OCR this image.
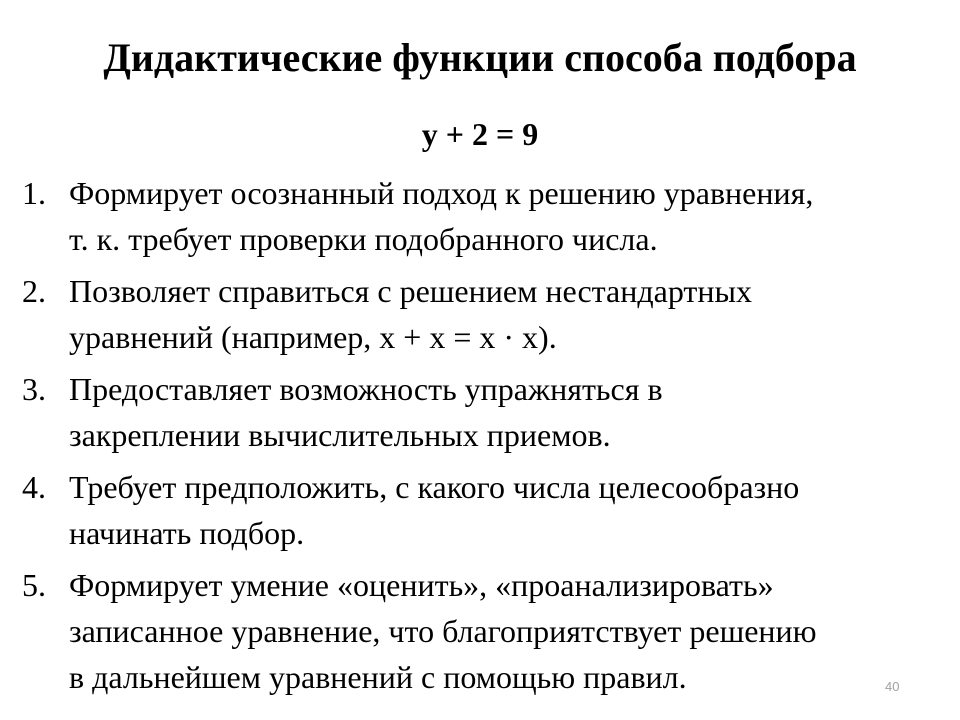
Дидактические функции способа подбора
y + 2 = 9
1. Формирует осознанный подход к решению уравнения,
т. к. требует проверки подобранного числа.
2. Позволяет справиться с решением нестандартных
уравнений (например, х + х = х · х).
3. Предоставляет возможность упражняться в
закреплении вычислительных приемов.
4. Требует предположить, с какого числа целесообразно
начинать подбор.
5. Формирует умение «оценить», «проанализировать»
записанное уравнение, что благоприятствует решению
в дальнейшем уравнений с помощью правил.	40
